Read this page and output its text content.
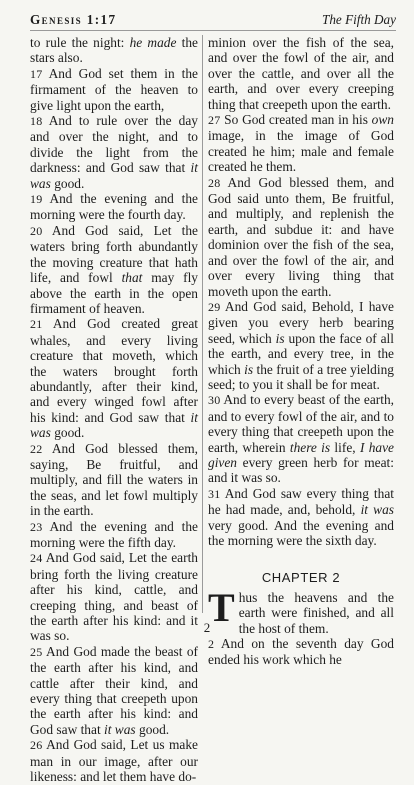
Genesis 1:17	The Fifth Day

to rule the night: he made the stars also.

17 And God set them in the firmament of the heaven to give light upon the earth,

18 And to rule over the day and over the night, and to divide the light from the darkness: and God saw that it was good.

19 And the evening and the morning were the fourth day.

20 And God said, Let the waters bring forth abundantly the moving creature that hath life, and fowl that may fly above the earth in the open firmament of heaven.

21 And God created great whales, and every living creature that moveth, which the waters brought forth abundantly, after their kind, and every winged fowl after his kind: and God saw that it was good.

22 And God blessed them, saying, Be fruitful, and multiply, and fill the waters in the seas, and let fowl multiply in the earth.

23 And the evening and the morning were the fifth day.

24 And God said, Let the earth bring forth the living creature after his kind, cattle, and creeping thing, and beast of the earth after his kind: and it was so.

25 And God made the beast of the earth after his kind, and cattle after their kind, and every thing that creepeth upon the earth after his kind: and God saw that it was good.

26 And God said, Let us make man in our image, after our likeness: and let them have do-

minion over the fish of the sea, and over the fowl of the air, and over the cattle, and over all the earth, and over every creeping thing that creepeth upon the earth.

27 So God created man in his own image, in the image of God created he him; male and female created he them.

28 And God blessed them, and God said unto them, Be fruitful, and multiply, and replenish the earth, and subdue it: and have dominion over the fish of the sea, and over the fowl of the air, and over every living thing that moveth upon the earth.

29 And God said, Behold, I have given you every herb bearing seed, which is upon the face of all the earth, and every tree, in the which is the fruit of a tree yielding seed; to you it shall be for meat.

30 And to every beast of the earth, and to every fowl of the air, and to every thing that creepeth upon the earth, wherein there is life, I have given every green herb for meat: and it was so.

31 And God saw every thing that he had made, and, behold, it was very good. And the evening and the morning were the sixth day.

CHAPTER 2

Thus the heavens and the earth were finished, and all the host of them.

2 And on the seventh day God ended his work which he

2
